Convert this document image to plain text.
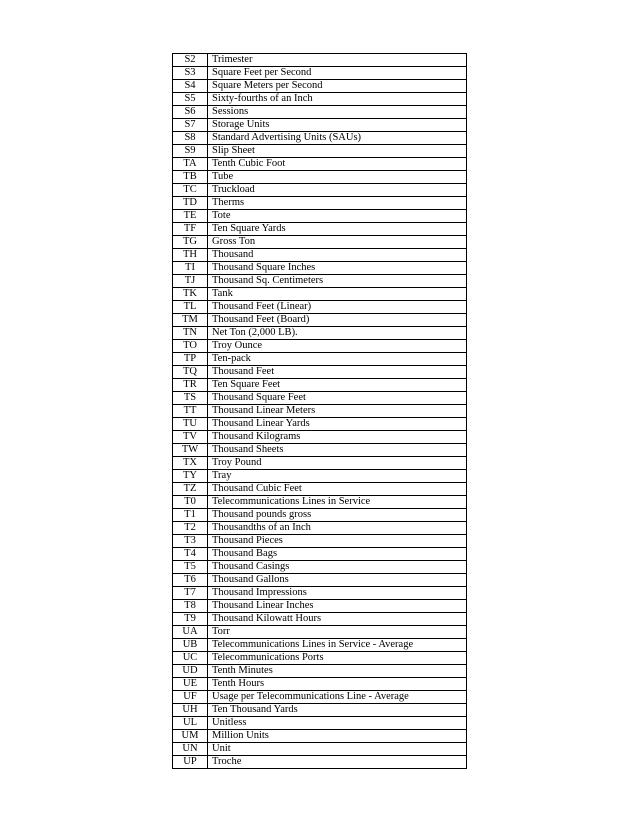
S2	Trimester
S3	Square Feet per Second
S4	Square Meters per Second
S5	Sixty-fourths of an Inch
S6	Sessions
S7	Storage Units
S8	Standard Advertising Units (SAUs)
S9	Slip Sheet
TA	Tenth Cubic Foot
TB	Tube
TC	Truckload
TD	Therms
TE	Tote
TF	Ten Square Yards
TG	Gross Ton
TH	Thousand
TI	Thousand Square Inches
TJ	Thousand Sq. Centimeters
TK	Tank
TL	Thousand Feet (Linear)
TM	Thousand Feet (Board)
TN	Net Ton (2,000 LB).
TO	Troy Ounce
TP	Ten-pack
TQ	Thousand Feet
TR	Ten Square Feet
TS	Thousand Square Feet
TT	Thousand Linear Meters
TU	Thousand Linear Yards
TV	Thousand Kilograms
TW	Thousand Sheets
TX	Troy Pound
TY	Tray
TZ	Thousand Cubic Feet
T0	Telecommunications Lines in Service
T1	Thousand pounds gross
T2	Thousandths of an Inch
T3	Thousand Pieces
T4	Thousand Bags
T5	Thousand Casings
T6	Thousand Gallons
T7	Thousand Impressions
T8	Thousand Linear Inches
T9	Thousand Kilowatt Hours
UA	Torr
UB	Telecommunications Lines in Service - Average
UC	Telecommunications Ports
UD	Tenth Minutes
UE	Tenth Hours
UF	Usage per Telecommunications Line - Average
UH	Ten Thousand Yards
UL	Unitless
UM	Million Units
UN	Unit
UP	Troche
